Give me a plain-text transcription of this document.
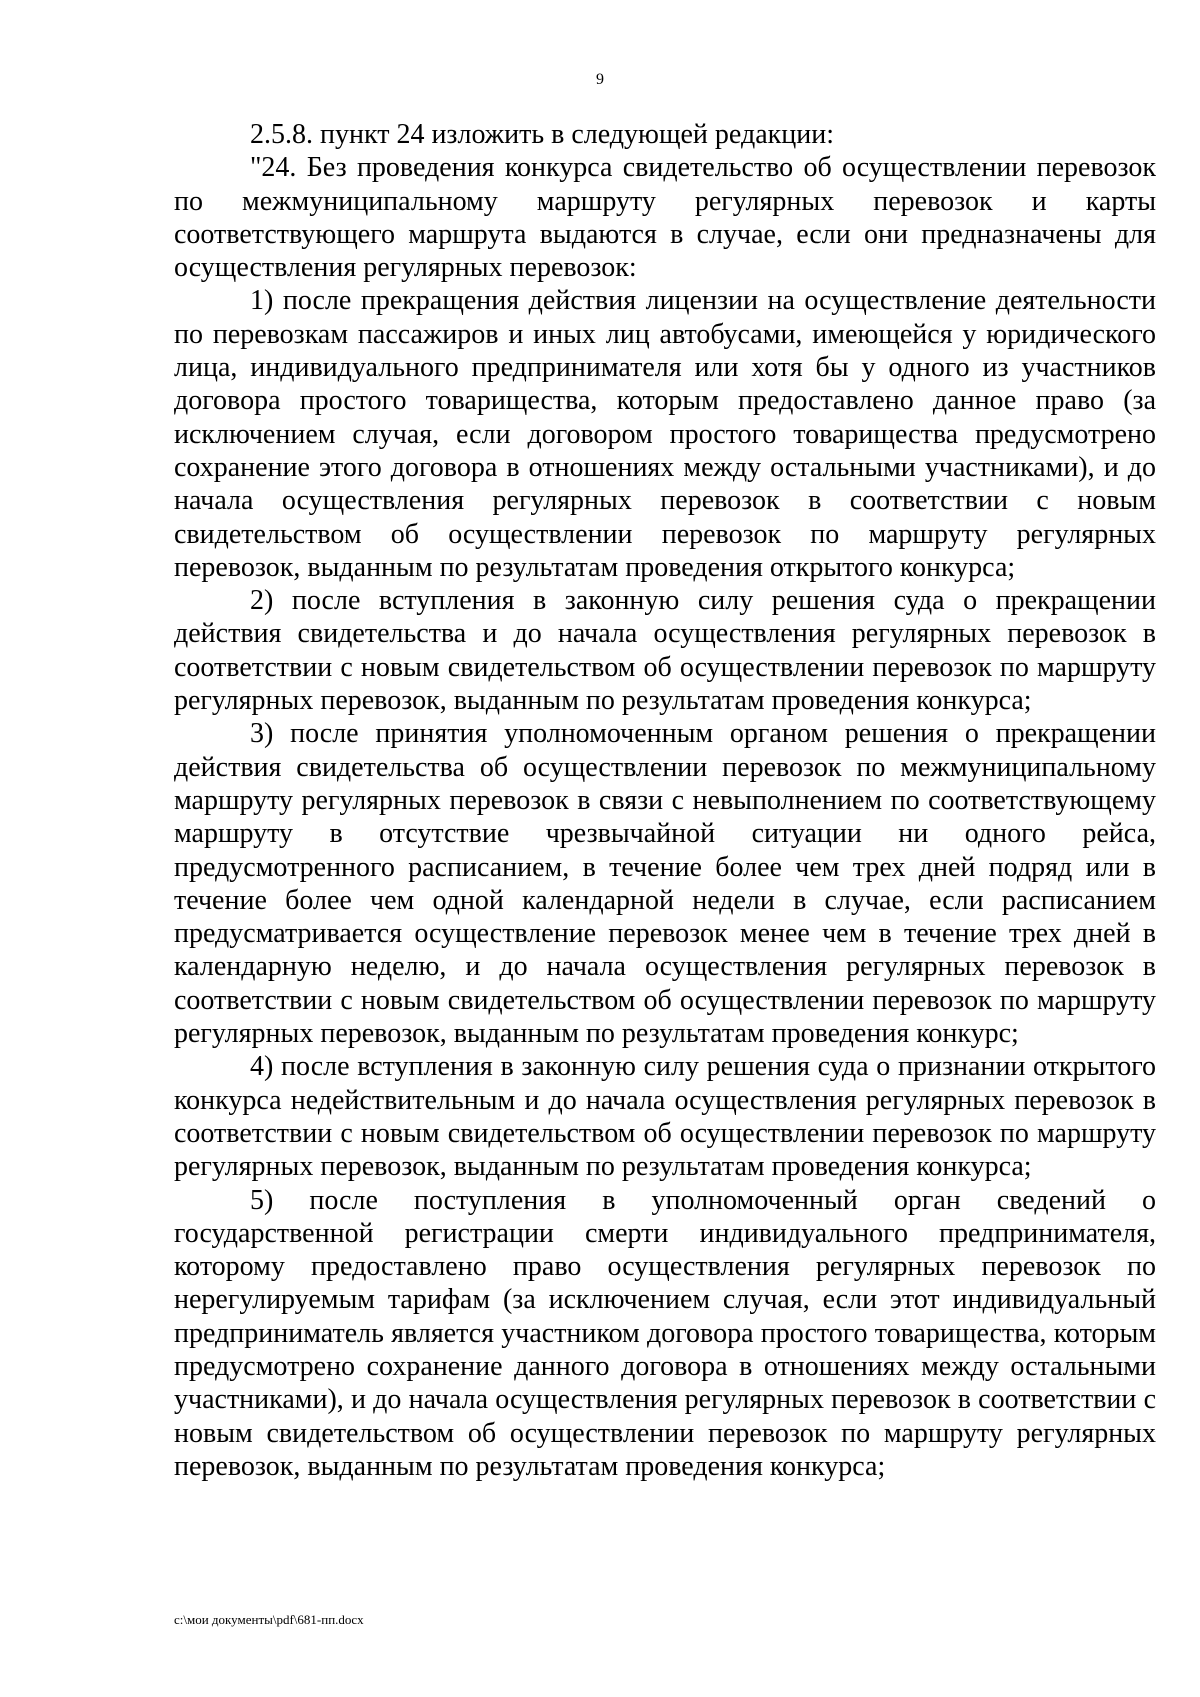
9

2.5.8. пункт 24 изложить в следующей редакции:

"24. Без проведения конкурса свидетельство об осуществлении перевозок по межмуниципальному маршруту регулярных перевозок и карты соответствующего маршрута выдаются в случае, если они предназначены для осуществления регулярных перевозок:

1) после прекращения действия лицензии на осуществление деятельности по перевозкам пассажиров и иных лиц автобусами, имеющейся у юридического лица, индивидуального предпринимателя или хотя бы у одного из участников договора простого товарищества, которым предоставлено данное право (за исключением случая, если договором простого товарищества предусмотрено сохранение этого договора в отношениях между остальными участниками), и до начала осуществления регулярных перевозок в соответствии с новым свидетельством об осуществлении перевозок по маршруту регулярных перевозок, выданным по результатам проведения открытого конкурса;

2) после вступления в законную силу решения суда о прекращении действия свидетельства и до начала осуществления регулярных перевозок в соответствии с новым свидетельством об осуществлении перевозок по маршруту регулярных перевозок, выданным по результатам проведения конкурса;

3) после принятия уполномоченным органом решения о прекращении действия свидетельства об осуществлении перевозок по межмуниципальному маршруту регулярных перевозок в связи с невыполнением по соответствующему маршруту в отсутствие чрезвычайной ситуации ни одного рейса, предусмотренного расписанием, в течение более чем трех дней подряд или в течение более чем одной календарной недели в случае, если расписанием предусматривается осуществление перевозок менее чем в течение трех дней в календарную неделю, и до начала осуществления регулярных перевозок в соответствии с новым свидетельством об осуществлении перевозок по маршруту регулярных перевозок, выданным по результатам проведения конкурс;

4) после вступления в законную силу решения суда о признании открытого конкурса недействительным и до начала осуществления регулярных перевозок в соответствии с новым свидетельством об осуществлении перевозок по маршруту регулярных перевозок, выданным по результатам проведения конкурса;

5) после поступления в уполномоченный орган сведений о государственной регистрации смерти индивидуального предпринимателя, которому предоставлено право осуществления регулярных перевозок по нерегулируемым тарифам (за исключением случая, если этот индивидуальный предприниматель является участником договора простого товарищества, которым предусмотрено сохранение данного договора в отношениях между остальными участниками), и до начала осуществления регулярных перевозок в соответствии с новым свидетельством об осуществлении перевозок по маршруту регулярных перевозок, выданным по результатам проведения конкурса;

c:\мои документы\pdf\681-пп.docx
